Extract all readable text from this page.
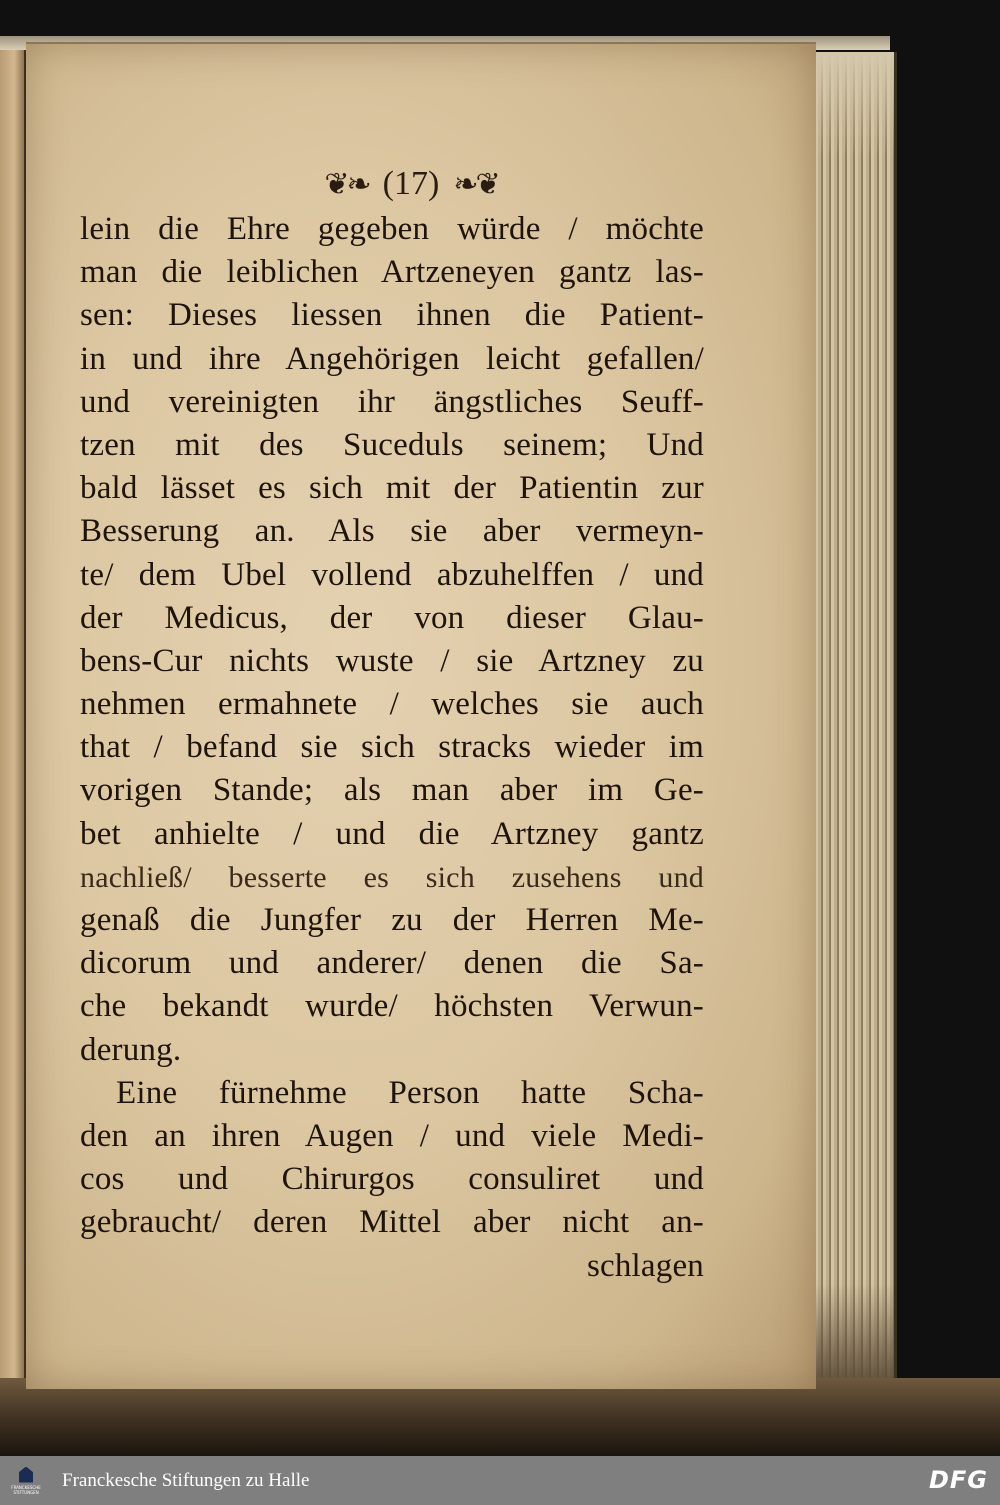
❦❧ (17) ❧❦
lein die Ehre gegeben würde / möchte
man die leiblichen Artzeneyen gantz las-
sen: Dieses liessen ihnen die Patient-
in und ihre Angehörigen leicht gefallen/
und vereinigten ihr ängstliches Seuff-
tzen mit des Suceduls seinem; Und
bald lässet es sich mit der Patientin zur
Besserung an. Als sie aber vermeyn-
te/ dem Ubel vollend abzuhelffen / und
der Medicus, der von dieser Glau-
bens-Cur nichts wuste / sie Artzney zu
nehmen ermahnete / welches sie auch
that / befand sie sich stracks wieder im
vorigen Stande; als man aber im Ge-
bet anhielte / und die Artzney gantz
nachließ/ besserte es sich zusehens und
genaß die Jungfer zu der Herren Me-
dicorum und anderer/ denen die Sa-
che bekandt wurde/ höchsten Verwun-
derung.
Eine fürnehme Person hatte Scha-
den an ihren Augen / und viele Medi-
cos und Chirurgos consuliret und
gebraucht/ deren Mittel aber nicht an-
schlagen
FRANCKESCHE STIFTUNGEN
Franckesche Stiftungen zu Halle	DFG
